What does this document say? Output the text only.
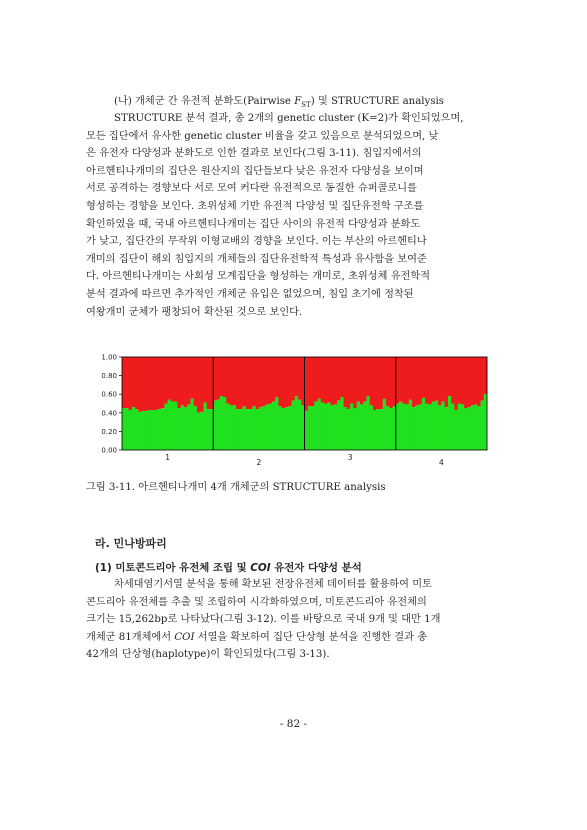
(나) 개체군 간 유전적 분화도(Pairwise $F_{ST}$) 및 STRUCTURE analysis
STRUCTURE 분석 결과, 총 2개의 genetic cluster (K=2)가 확인되었으며,
모든 집단에서 유사한 genetic cluster 비율을 갖고 있음으로 분석되었으며, 낮
은 유전자 다양성과 분화도로 인한 결과로 보인다(그림 3-11). 침입지에서의
아르헨티나개미의 집단은 원산지의 집단들보다 낮은 유전자 다양성을 보이며
서로 공격하는 경향보다 서로 모여 커다란 유전적으로 동질한 슈퍼콜로니를
형성하는 경향을 보인다. 초위성체 기반 유전적 다양성 및 집단유전학 구조를
확인하였을 때, 국내 아르헨티나개미는 집단 사이의 유전적 다양성과 분화도
가 낮고, 집단간의 무작위 이형교배의 경향을 보인다. 이는 부산의 아르헨티나
개미의 집단이 해외 침입지의 개체들의 집단유전학적 특성과 유사함을 보여준
다. 아르헨티나개미는 사회성 모계집단을 형성하는 개미로, 초위성체 유전학적
분석 결과에 따르면 추가적인 개체군 유입은 없었으며, 침입 초기에 정착된
여왕개미 군체가 팽창되어 확산된 것으로 보인다.
1
2
3
4
1.00
0.80
0.60
0.40
0.20
0.00
그림 3-11. 아르헨티나개미 4개 개체군의 STRUCTURE analysis
라. 민나방파리
(1) 미토콘드리아 유전체 조립 및 COI 유전자 다양성 분석
차세대염기서열 분석을 통해 확보된 전장유전체 데이터를 활용하여 미토
콘드리아 유전체를 추출 및 조립하여 시각화하였으며, 미토콘드리아 유전체의
크기는 15,262bp로 나타났다(그림 3-12). 이를 바탕으로 국내 9개 및 대만 1개
개체군 81개체에서 COI 서열을 확보하여 집단 단상형 분석을 진행한 결과 총
42개의 단상형(haplotype)이 확인되었다(그림 3-13).
- 82 -
